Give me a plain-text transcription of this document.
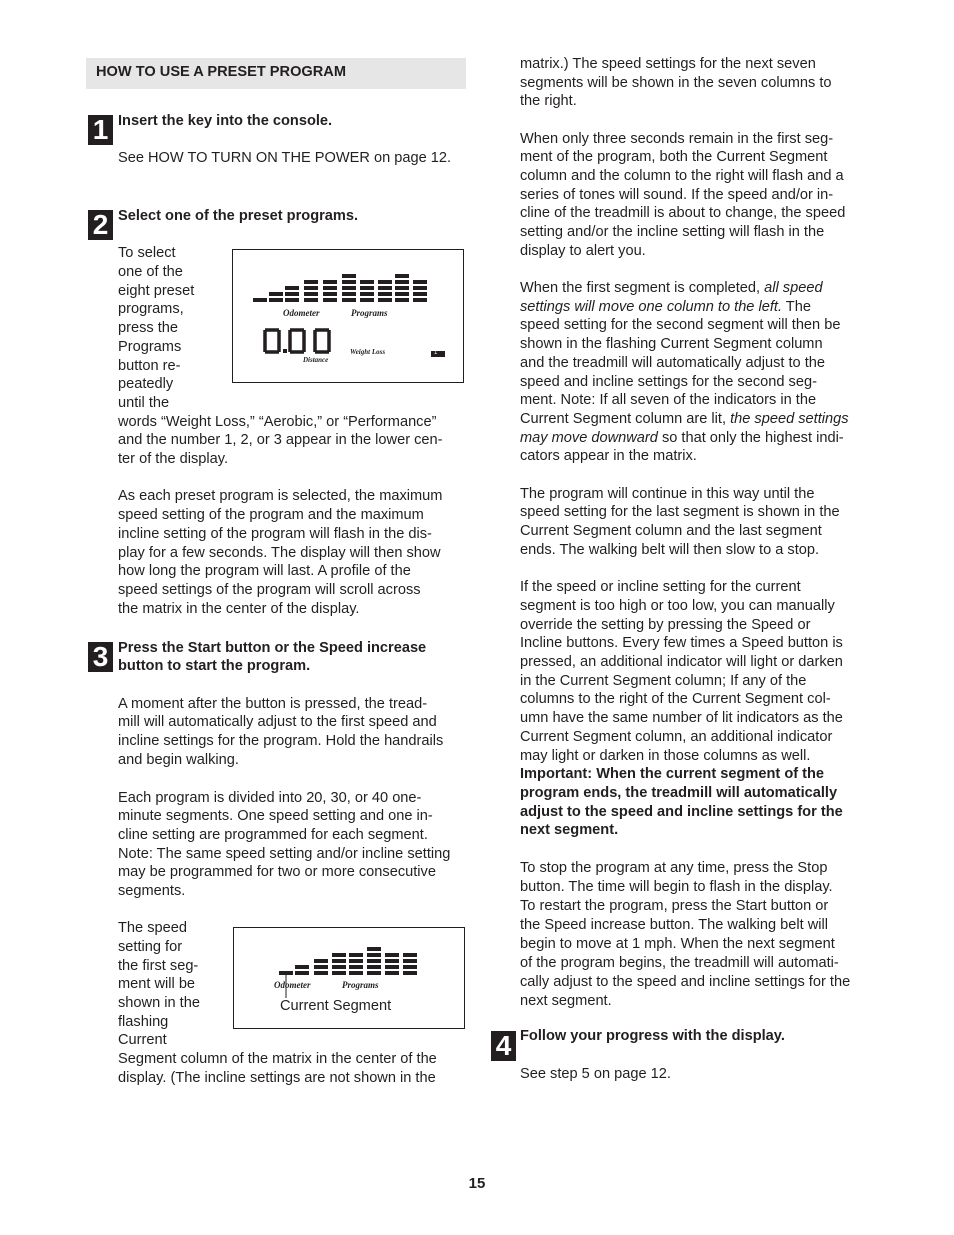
HOW TO USE A PRESET PROGRAM
1 Insert the key into the console.

See HOW TO TURN ON THE POWER on page 12.

2 Select one of the preset programs.

To select

one of the

eight preset

programs,

press the

Programs

button re-

peatedly

until the

words “Weight Loss,” “Aerobic,” or “Performance”

and the number 1, 2, or 3 appear in the lower cen-

ter of the display.

Odometer	Programs
Distance
Weight Loss	1

As each preset program is selected, the maximum

speed setting of the program and the maximum

incline setting of the program will flash in the dis-

play for a few seconds. The display will then show

how long the program will last. A profile of the

speed settings of the program will scroll across

the matrix in the center of the display.

3 Press the Start button or the Speed increase

button to start the program.

A moment after the button is pressed, the tread-

mill will automatically adjust to the first speed and

incline settings for the program. Hold the handrails

and begin walking.

Each program is divided into 20, 30, or 40 one-

minute segments. One speed setting and one in-

cline setting are programmed for each segment.

Note: The same speed setting and/or incline setting

may be programmed for two or more consecutive

segments.

The speed

setting for

the first seg-

ment will be

shown in the

flashing

Current

Segment column of the matrix in the center of the

display. (The incline settings are not shown in the

Odometer	Programs
Current Segment

matrix.) The speed settings for the next seven

segments will be shown in the seven columns to

the right.

When only three seconds remain in the first seg-

ment of the program, both the Current Segment

column and the column to the right will flash and a

series of tones will sound. If the speed and/or in-

cline of the treadmill is about to change, the speed

setting and/or the incline setting will flash in the

display to alert you.

When the first segment is completed, all speed

settings will move one column to the left. The

speed setting for the second segment will then be

shown in the flashing Current Segment column

and the treadmill will automatically adjust to the

speed and incline settings for the second seg-

ment. Note: If all seven of the indicators in the

Current Segment column are lit, the speed settings

may move downward so that only the highest indi-

cators appear in the matrix.

The program will continue in this way until the

speed setting for the last segment is shown in the

Current Segment column and the last segment

ends. The walking belt will then slow to a stop.

If the speed or incline setting for the current

segment is too high or too low, you can manually

override the setting by pressing the Speed or

Incline buttons. Every few times a Speed button is

pressed, an additional indicator will light or darken

in the Current Segment column; If any of the

columns to the right of the Current Segment col-

umn have the same number of lit indicators as the

Current Segment column, an additional indicator

may light or darken in those columns as well.

Important: When the current segment of the

program ends, the treadmill will automatically

adjust to the speed and incline settings for the

next segment.

To stop the program at any time, press the Stop

button. The time will begin to flash in the display.

To restart the program, press the Start button or

the Speed increase button. The walking belt will

begin to move at 1 mph. When the next segment

of the program begins, the treadmill will automati-

cally adjust to the speed and incline settings for the

next segment.

4 Follow your progress with the display.

See step 5 on page 12.

15
